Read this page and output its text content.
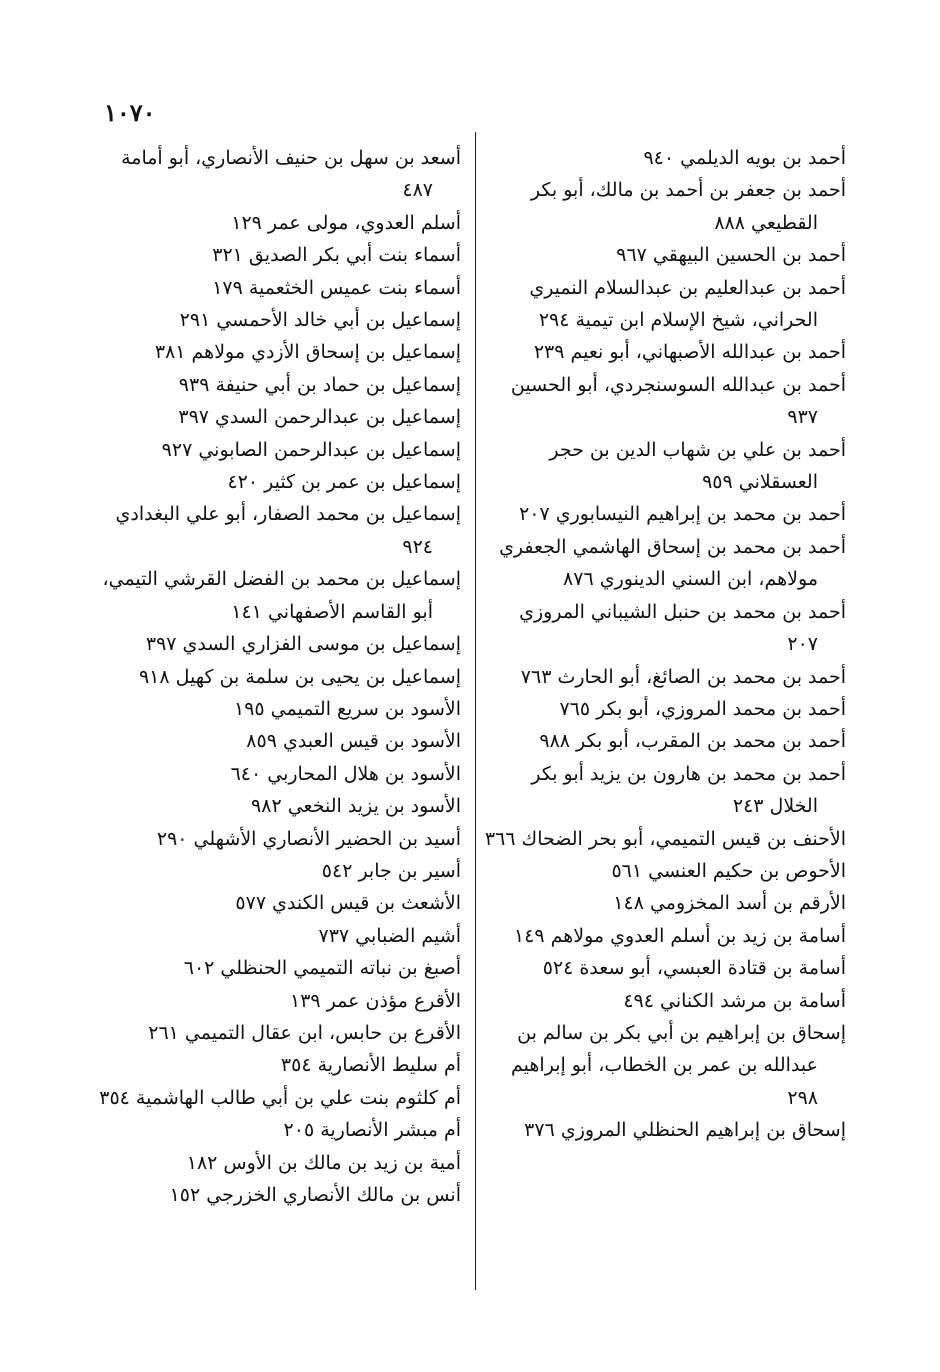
١٠٧٠

أحمد بن بويه الديلمي ٩٤٠

أحمد بن جعفر بن أحمد بن مالك، أبو بكر القطيعي ٨٨٨

أحمد بن الحسين البيهقي ٩٦٧

أحمد بن عبدالعليم بن عبدالسلام النميري الحراني، شيخ الإسلام ابن تيمية ٢٩٤

أحمد بن عبدالله الأصبهاني، أبو نعيم ٢٣٩

أحمد بن عبدالله السوسنجردي، أبو الحسين ٩٣٧

أحمد بن علي بن شهاب الدين بن حجر العسقلاني ٩٥٩

أحمد بن محمد بن إبراهيم النيسابوري ٢٠٧

أحمد بن محمد بن إسحاق الهاشمي الجعفري مولاهم، ابن السني الدينوري ٨٧٦

أحمد بن محمد بن حنبل الشيباني المروزي ٢٠٧

أحمد بن محمد بن الصائغ، أبو الحارث ٧٦٣

أحمد بن محمد المروزي، أبو بكر ٧٦٥

أحمد بن محمد بن المقرب، أبو بكر ٩٨٨

أحمد بن محمد بن هارون بن يزيد أبو بكر الخلال ٢٤٣

الأحنف بن قيس التميمي، أبو بحر الضحاك ٣٦٦

الأحوص بن حكيم العنسي ٥٦١

الأرقم بن أسد المخزومي ١٤٨

أسامة بن زيد بن أسلم العدوي مولاهم ١٤٩

أسامة بن قتادة العبسي، أبو سعدة ٥٢٤

أسامة بن مرشد الكناني ٤٩٤

إسحاق بن إبراهيم بن أبي بكر بن سالم بن عبدالله بن عمر بن الخطاب، أبو إبراهيم ٢٩٨

إسحاق بن إبراهيم الحنظلي المروزي ٣٧٦

أسعد بن سهل بن حنيف الأنصاري، أبو أمامة ٤٨٧

أسلم العدوي، مولى عمر ١٢٩

أسماء بنت أبي بكر الصديق ٣٢١

أسماء بنت عميس الخثعمية ١٧٩

إسماعيل بن أبي خالد الأحمسي ٢٩١

إسماعيل بن إسحاق الأزدي مولاهم ٣٨١

إسماعيل بن حماد بن أبي حنيفة ٩٣٩

إسماعيل بن عبدالرحمن السدي ٣٩٧

إسماعيل بن عبدالرحمن الصابوني ٩٢٧

إسماعيل بن عمر بن كثير ٤٢٠

إسماعيل بن محمد الصفار، أبو علي البغدادي ٩٢٤

إسماعيل بن محمد بن الفضل القرشي التيمي، أبو القاسم الأصفهاني ١٤١

إسماعيل بن موسى الفزاري السدي ٣٩٧

إسماعيل بن يحيى بن سلمة بن كهيل ٩١٨

الأسود بن سريع التميمي ١٩٥

الأسود بن قيس العبدي ٨٥٩

الأسود بن هلال المحاربي ٦٤٠

الأسود بن يزيد النخعي ٩٨٢

أسيد بن الحضير الأنصاري الأشهلي ٢٩٠

أسير بن جابر ٥٤٢

الأشعث بن قيس الكندي ٥٧٧

أشيم الضبابي ٧٣٧

أصبغ بن نباته التميمي الحنظلي ٦٠٢

الأقرع مؤذن عمر ١٣٩

الأقرع بن حابس، ابن عقال التميمي ٢٦١

أم سليط الأنصارية ٣٥٤

أم كلثوم بنت علي بن أبي طالب الهاشمية ٣٥٤

أم مبشر الأنصارية ٢٠٥

أمية بن زيد بن مالك بن الأوس ١٨٢

أنس بن مالك الأنصاري الخزرجي ١٥٢
